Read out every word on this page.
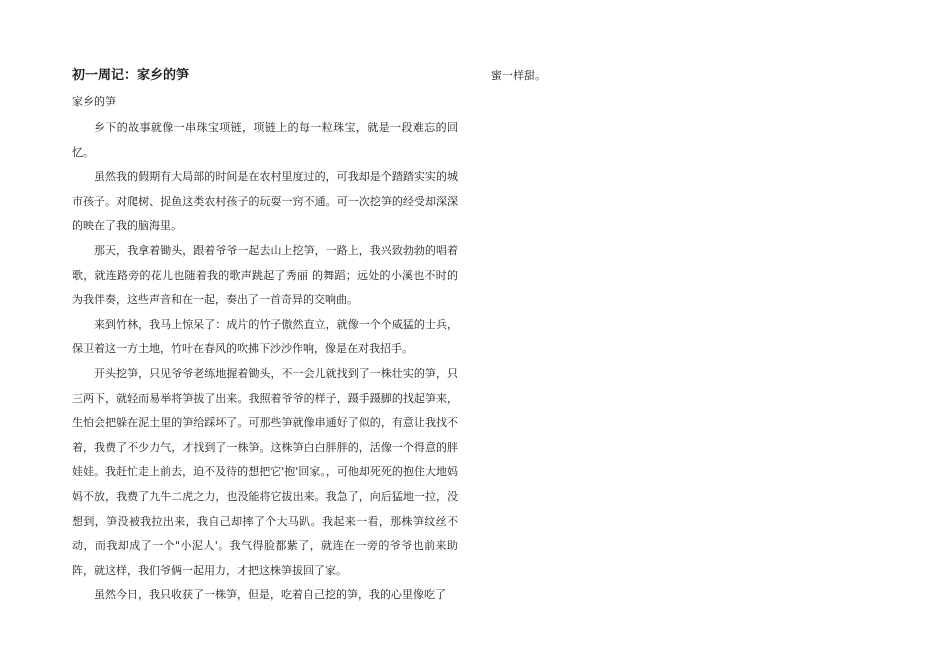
初一周记：家乡的笋
家乡的笋

乡下的故事就像一串珠宝项链，项链上的每一粒珠宝，就是一段难忘的回忆。

虽然我的假期有大局部的时间是在农村里度过的，可我却是个踏踏实实的城市孩子。对爬树、捉鱼这类农村孩子的玩耍一窍不通。可一次挖笋的经受却深深的映在了我的脑海里。

那天，我拿着锄头，跟着爷爷一起去山上挖笋，一路上，我兴致勃勃的唱着歌，就连路旁的花儿也随着我的歌声跳起了秀丽 的舞蹈；远处的小溪也不时的为我伴奏，这些声音和在一起，奏出了一首奇异的交响曲。

来到竹林，我马上惊呆了：成片的竹子傲然直立，就像一个个威猛的士兵，保卫着这一方土地，竹叶在春风的吹拂下沙沙作响，像是在对我招手。

开头挖笋，只见爷爷老练地握着锄头，不一会儿就找到了一株壮实的笋，只三两下，就轻而易举将笋拔了出来。我照着爷爷的样子，蹑手蹑脚的找起笋来，生怕会把躲在泥土里的笋给踩坏了。可那些笋就像串通好了似的，有意让我找不着，我费了不少力气，才找到了一株笋。这株笋白白胖胖的，活像一个得意的胖娃娃。我赶忙走上前去，迫不及待的想把它'抱'回家。，可他却死死的抱住大地妈妈不放，我费了九牛二虎之力，也没能将它拔出来。我急了，向后猛地一拉，没想到，笋没被我拉出来，我自己却摔了个大马趴。我起来一看，那株笋纹丝不动，而我却成了一个"小泥人'。我气得脸都紫了，就连在一旁的爷爷也前来助阵，就这样，我们爷俩一起用力，才把这株笋拔回了家。

虽然今日，我只收获了一株笋，但是，吃着自己挖的笋，我的心里像吃了

蜜一样甜。
